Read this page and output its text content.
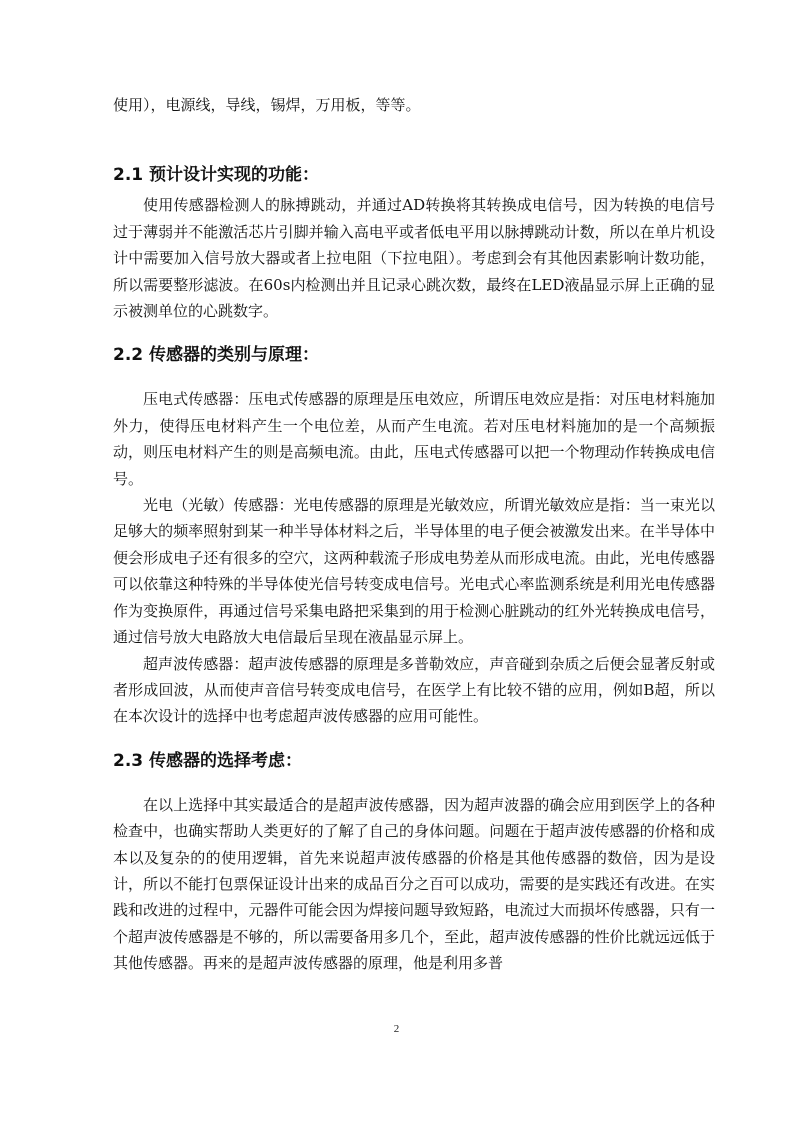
使用），电源线，导线，锡焊，万用板，等等。

2.1 预计设计实现的功能：

使用传感器检测人的脉搏跳动，并通过AD转换将其转换成电信号，因为转换的电信号过于薄弱并不能激活芯片引脚并输入高电平或者低电平用以脉搏跳动计数，所以在单片机设计中需要加入信号放大器或者上拉电阻（下拉电阻）。考虑到会有其他因素影响计数功能，所以需要整形滤波。在60s内检测出并且记录心跳次数，最终在LED液晶显示屏上正确的显示被测单位的心跳数字。

2.2 传感器的类别与原理：

压电式传感器：压电式传感器的原理是压电效应，所谓压电效应是指：对压电材料施加外力，使得压电材料产生一个电位差，从而产生电流。若对压电材料施加的是一个高频振动，则压电材料产生的则是高频电流。由此，压电式传感器可以把一个物理动作转换成电信号。

光电（光敏）传感器：光电传感器的原理是光敏效应，所谓光敏效应是指：当一束光以足够大的频率照射到某一种半导体材料之后，半导体里的电子便会被激发出来。在半导体中便会形成电子还有很多的空穴，这两种载流子形成电势差从而形成电流。由此，光电传感器可以依靠这种特殊的半导体使光信号转变成电信号。光电式心率监测系统是利用光电传感器作为变换原件，再通过信号采集电路把采集到的用于检测心脏跳动的红外光转换成电信号，通过信号放大电路放大电信最后呈现在液晶显示屏上。

超声波传感器：超声波传感器的原理是多普勒效应，声音碰到杂质之后便会显著反射或者形成回波，从而使声音信号转变成电信号，在医学上有比较不错的应用，例如B超，所以在本次设计的选择中也考虑超声波传感器的应用可能性。

2.3 传感器的选择考虑：

在以上选择中其实最适合的是超声波传感器，因为超声波器的确会应用到医学上的各种检查中，也确实帮助人类更好的了解了自己的身体问题。问题在于超声波传感器的价格和成本以及复杂的的使用逻辑，首先来说超声波传感器的价格是其他传感器的数倍，因为是设计，所以不能打包票保证设计出来的成品百分之百可以成功，需要的是实践还有改进。在实践和改进的过程中，元器件可能会因为焊接问题导致短路，电流过大而损坏传感器，只有一个超声波传感器是不够的，所以需要备用多几个，至此，超声波传感器的性价比就远远低于其他传感器。再来的是超声波传感器的原理，他是利用多普

2
